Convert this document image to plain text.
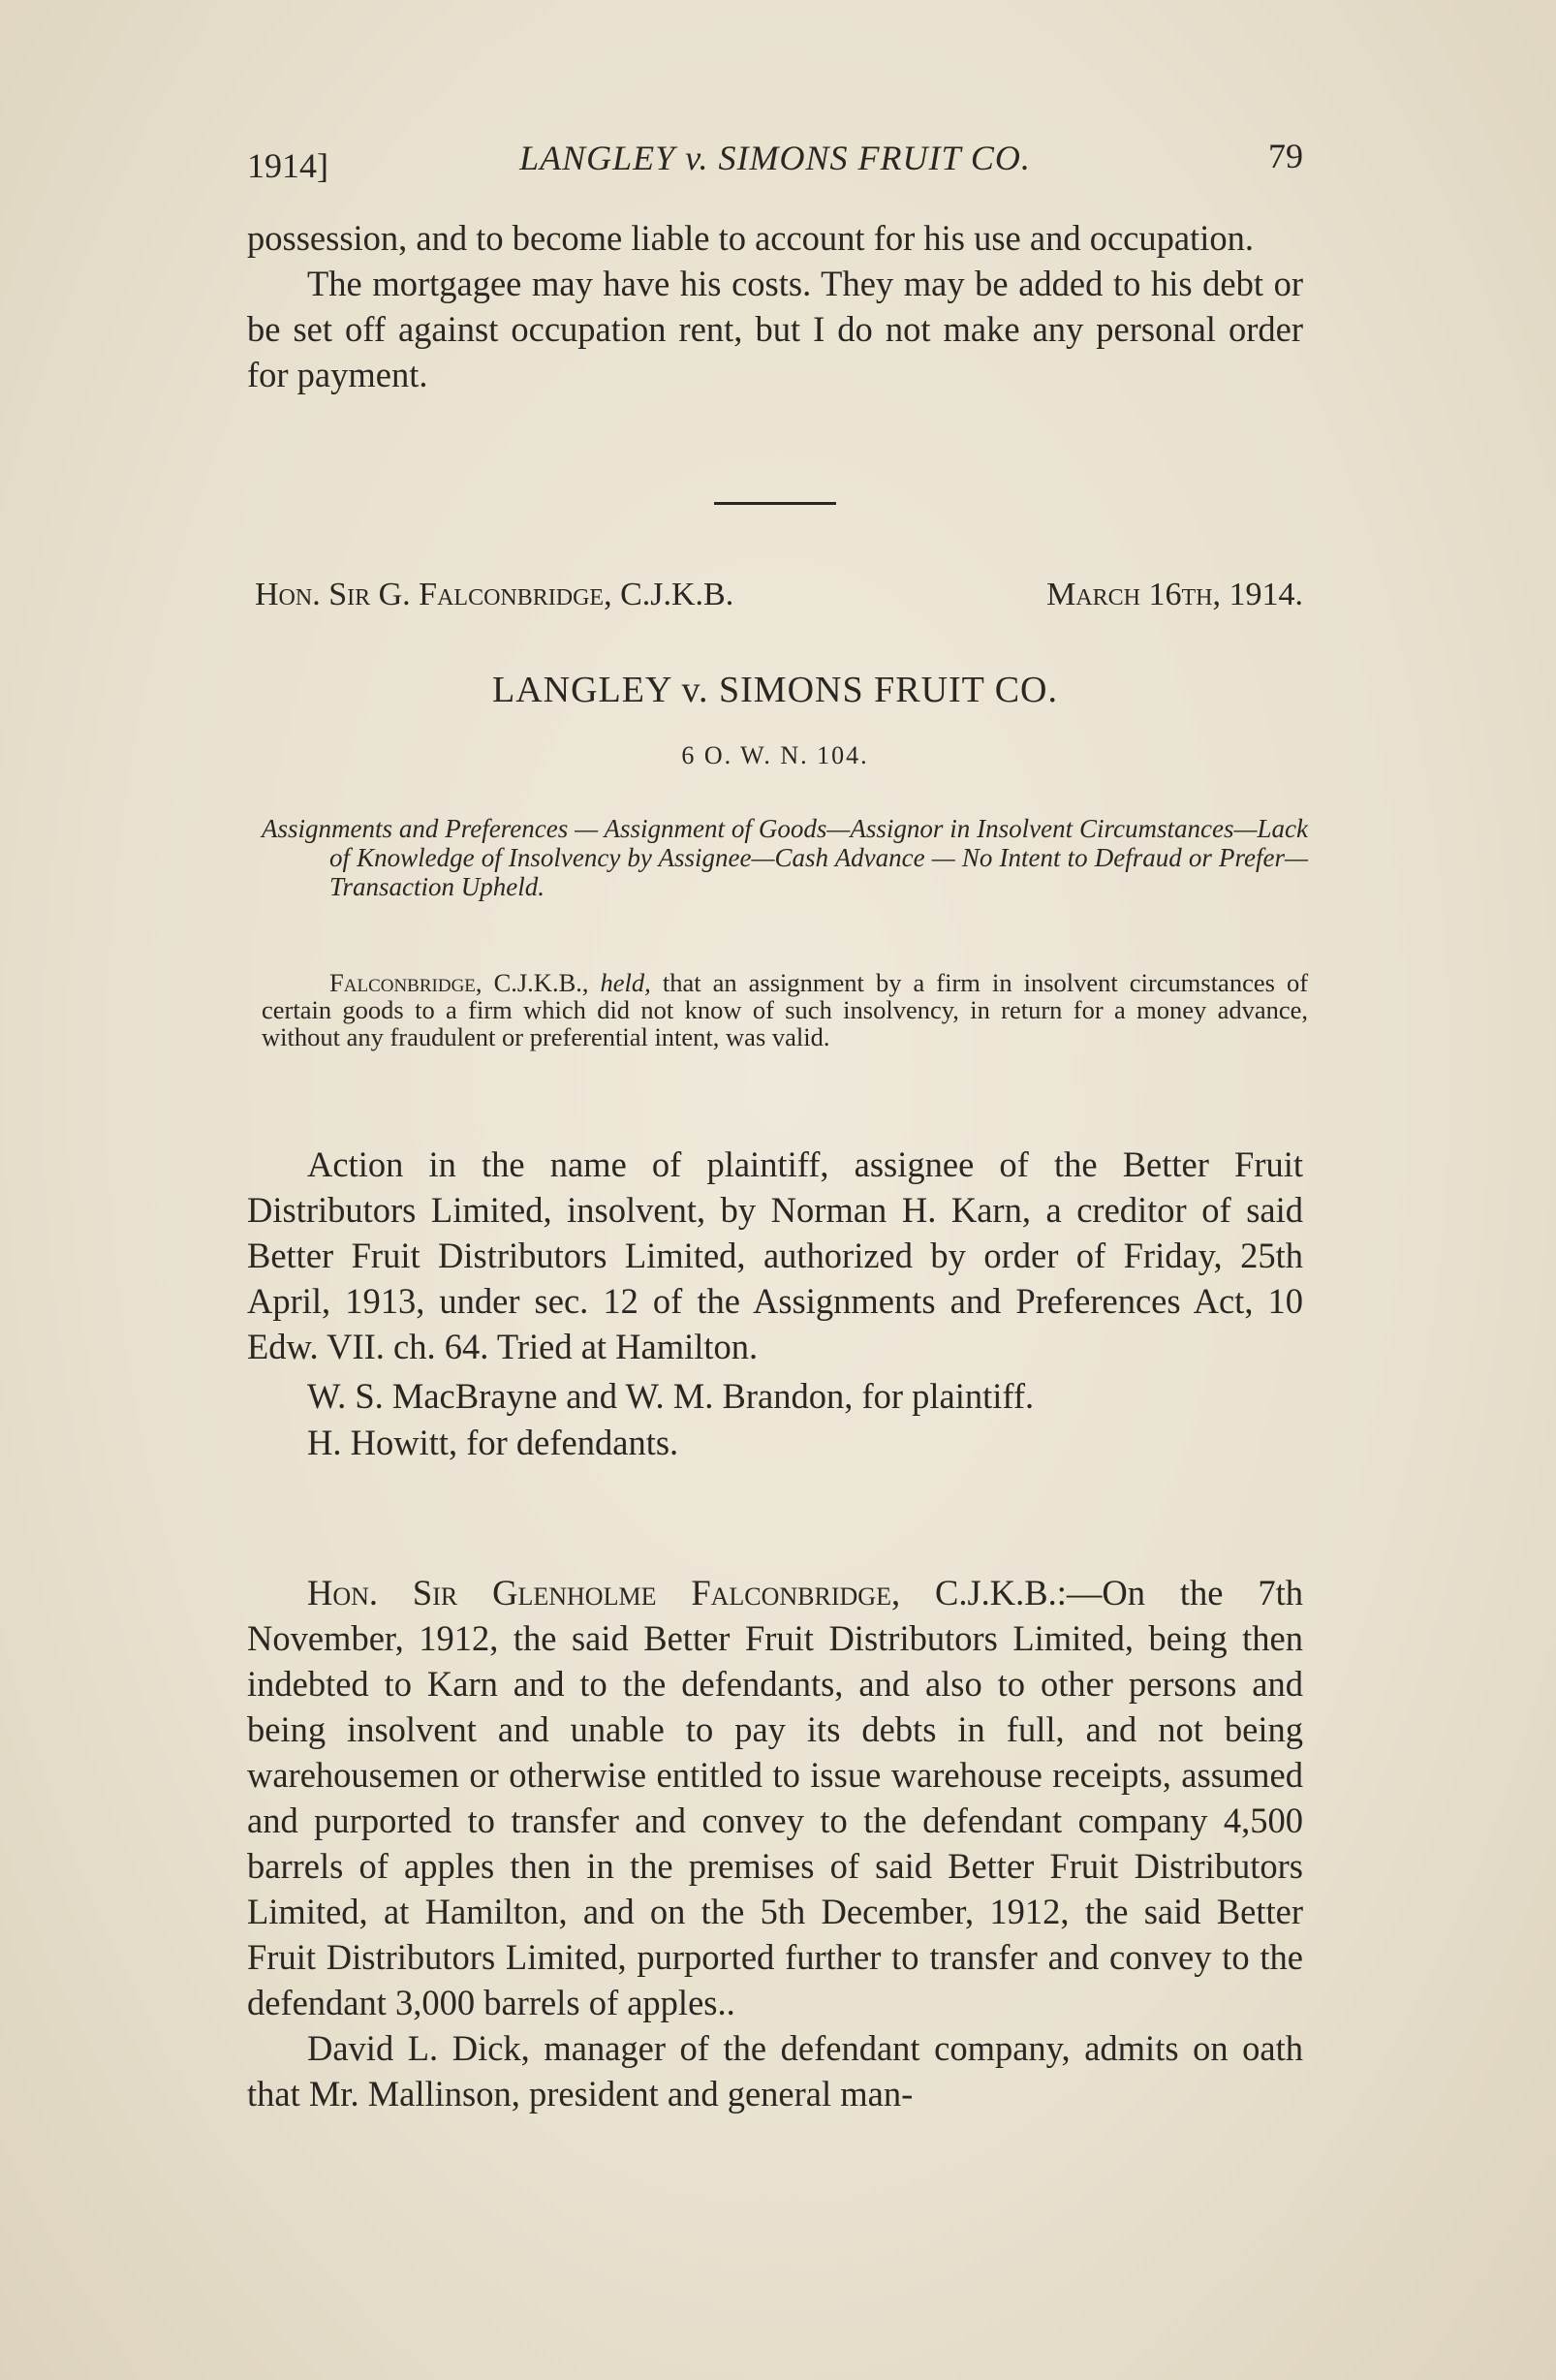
1914]	LANGLEY v. SIMONS FRUIT CO.	79

possession, and to become liable to account for his use and occupation.

The mortgagee may have his costs. They may be added to his debt or be set off against occupation rent, but I do not make any personal order for payment.

Hon. Sir G. Falconbridge, C.J.K.B.	March 16th, 1914.
LANGLEY v. SIMONS FRUIT CO.
6 O. W. N. 104.

Assignments and Preferences — Assignment of Goods—Assignor in Insolvent Circumstances—Lack of Knowledge of Insolvency by Assignee—Cash Advance — No Intent to Defraud or Prefer—Transaction Upheld.

Falconbridge, C.J.K.B., held, that an assignment by a firm in insolvent circumstances of certain goods to a firm which did not know of such insolvency, in return for a money advance, without any fraudulent or preferential intent, was valid.

Action in the name of plaintiff, assignee of the Better Fruit Distributors Limited, insolvent, by Norman H. Karn, a creditor of said Better Fruit Distributors Limited, authorized by order of Friday, 25th April, 1913, under sec. 12 of the Assignments and Preferences Act, 10 Edw. VII. ch. 64. Tried at Hamilton.

W. S. MacBrayne and W. M. Brandon, for plaintiff.

H. Howitt, for defendants.

Hon. Sir Glenholme Falconbridge, C.J.K.B.:—On the 7th November, 1912, the said Better Fruit Distributors Limited, being then indebted to Karn and to the defendants, and also to other persons and being insolvent and unable to pay its debts in full, and not being warehousemen or otherwise entitled to issue warehouse receipts, assumed and purported to transfer and convey to the defendant company 4,500 barrels of apples then in the premises of said Better Fruit Distributors Limited, at Hamilton, and on the 5th December, 1912, the said Better Fruit Distributors Limited, purported further to transfer and convey to the defendant 3,000 barrels of apples..

David L. Dick, manager of the defendant company, admits on oath that Mr. Mallinson, president and general man-
